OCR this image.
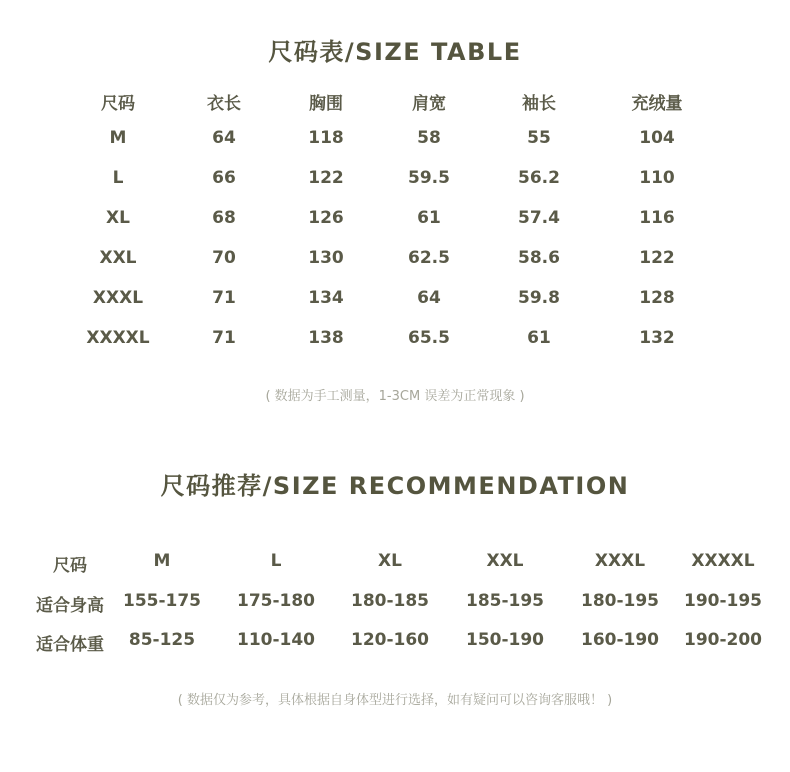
尺码表/SIZE TABLE
尺码	衣长	胸围	肩宽	袖长	充绒量
M	64	118	58	55	104
L	66	122	59.5	56.2	110
XL	68	126	61	57.4	116
XXL	70	130	62.5	58.6	122
XXXL	71	134	64	59.8	128
XXXXL	71	138	65.5	61	132
( 数据为手工测量，1-3CM 误差为正常现象 )
尺码推荐/SIZE RECOMMENDATION
尺码	M	L	XL	XXL	XXXL	XXXXL
适合身高	155-175	175-180	180-185	185-195	180-195	190-195
适合体重	85-125	110-140	120-160	150-190	160-190	190-200
( 数据仅为参考，具体根据自身体型进行选择，如有疑问可以咨询客服哦！ )
